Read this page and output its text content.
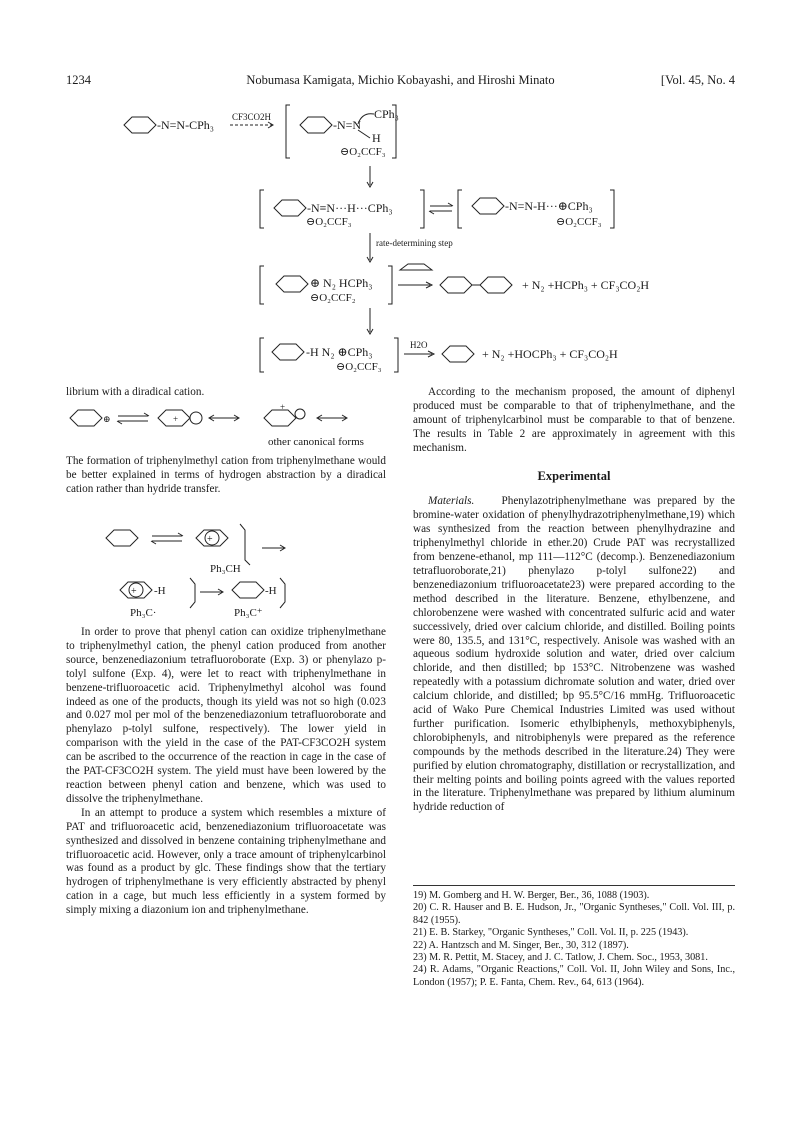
1234	Nobumasa Kamigata, Michio Kobayashi, and Hiroshi Minato	[Vol. 45, No. 4
-N=N-CPh₃
CF3CO2H
-N=N
CPh₃
H
⊖O₂CCF₃
-N≡N···H···CPh₃
⊖O₂CCF₃
-N=N-H···⊕CPh₃
⊖O₂CCF₃
rate-determining step
⊕ N₂ HCPh₃
⊖O₂CCF₂
+ N₂ +HCPh₃ + CF₃CO₂H
-H N₂ ⊕CPh₃
⊖O₂CCF₃
H2O
+ N₂ +HOCPh₃ + CF₃CO₂H

librium with a diradical cation.

⊕	+
+
other canonical forms

The formation of triphenylmethyl cation from triphenylmethane would be better explained in terms of hydrogen abstraction by a diradical cation rather than hydride transfer.

+
Ph₃CH
+ -H
Ph₃C·
-H
Ph₃C⁺

In order to prove that phenyl cation can oxidize triphenylmethane to triphenylmethyl cation, the phenyl cation produced from another source, benzenediazonium tetrafluoroborate (Exp. 3) or phenylazo p-tolyl sulfone (Exp. 4), were let to react with triphenylmethane in benzene-trifluoroacetic acid. Triphenylmethyl alcohol was found indeed as one of the products, though its yield was not so high (0.023 and 0.027 mol per mol of the benzenediazonium tetrafluoroborate and phenylazo p-tolyl sulfone, respectively). The lower yield in comparison with the yield in the case of the PAT-CF3CO2H system can be ascribed to the occurrence of the reaction in cage in the case of the PAT-CF3CO2H system. The yield must have been lowered by the reaction between phenyl cation and benzene, which was used to dissolve the triphenylmethane.

In an attempt to produce a system which resembles a mixture of PAT and trifluoroacetic acid, benzenediazonium trifluoroacetate was synthesized and dissolved in benzene containing triphenylmethane and trifluoroacetic acid. However, only a trace amount of triphenylcarbinol was found as a product by glc. These findings show that the tertiary hydrogen of triphenylmethane is very efficiently abstracted by phenyl cation in a cage, but much less efficiently in a system formed by simply mixing a diazonium ion and triphenylmethane.

According to the mechanism proposed, the amount of diphenyl produced must be comparable to that of triphenylmethane, and the amount of triphenylcarbinol must be comparable to that of benzene. The results in Table 2 are approximately in agreement with this mechanism.

Experimental

Materials. Phenylazotriphenylmethane was prepared by the bromine-water oxidation of phenylhydrazotriphenylmethane,19) which was synthesized from the reaction between phenylhydrazine and triphenylmethyl chloride in ether.20) Crude PAT was recrystallized from benzene-ethanol, mp 111—112°C (decomp.). Benzenediazonium tetrafluoroborate,21) phenylazo p-tolyl sulfone22) and benzenediazonium trifluoroacetate23) were prepared according to the method described in the literature. Benzene, ethylbenzene, and chlorobenzene were washed with concentrated sulfuric acid and water successively, dried over calcium chloride, and distilled. Boiling points were 80, 135.5, and 131°C, respectively. Anisole was washed with an aqueous sodium hydroxide solution and water, dried over calcium chloride, and then distilled; bp 153°C. Nitrobenzene was washed repeatedly with a potassium dichromate solution and water, dried over calcium chloride, and distilled; bp 95.5°C/16 mmHg. Trifluoroacetic acid of Wako Pure Chemical Industries Limited was used without further purification. Isomeric ethylbiphenyls, methoxybiphenyls, chlorobiphenyls, and nitrobiphenyls were prepared as the reference compounds by the methods described in the literature.24) They were purified by elution chromatography, distillation or recrystallization, and their melting points and boiling points agreed with the values reported in the literature. Triphenylmethane was prepared by lithium aluminum hydride reduction of

19) M. Gomberg and H. W. Berger, Ber., 36, 1088 (1903).
20) C. R. Hauser and B. E. Hudson, Jr., "Organic Syntheses," Coll. Vol. III, p. 842 (1955).
21) E. B. Starkey, "Organic Syntheses," Coll. Vol. II, p. 225 (1943).
22) A. Hantzsch and M. Singer, Ber., 30, 312 (1897).
23) M. R. Pettit, M. Stacey, and J. C. Tatlow, J. Chem. Soc., 1953, 3081.
24) R. Adams, "Organic Reactions," Coll. Vol. II, John Wiley and Sons, Inc., London (1957); P. E. Fanta, Chem. Rev., 64, 613 (1964).
